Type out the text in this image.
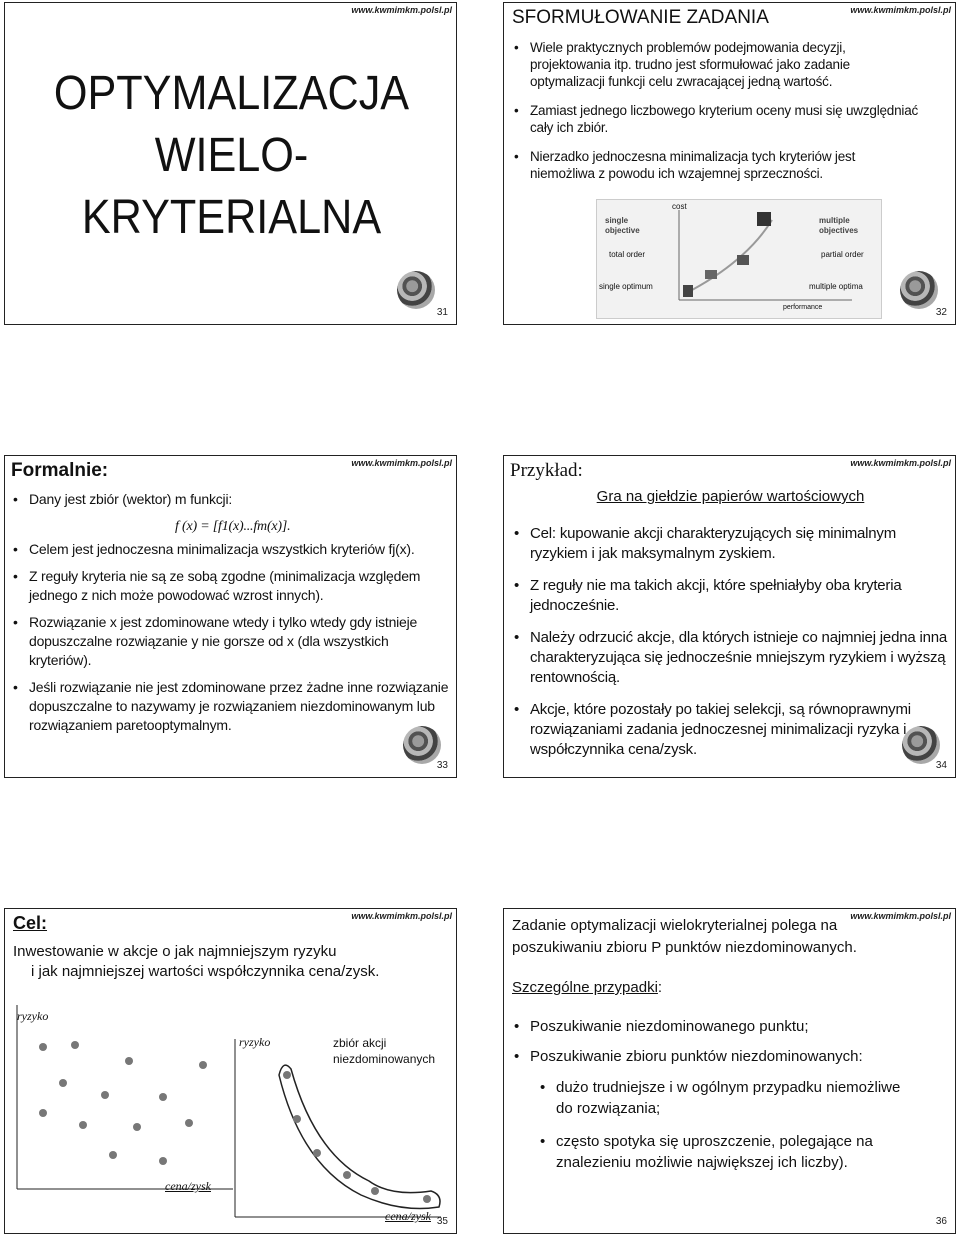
www.kwmimkm.polsl.pl
OPTYMALIZACJA
WIELO-
KRYTERIALNA
31
www.kwmimkm.polsl.pl
SFORMUŁOWANIE ZADANIA
• Wiele praktycznych problemów podejmowania decyzji, projektowania itp. trudno jest sformułować jako zadanie optymalizacji funkcji celu zwracającej jedną wartość.
• Zamiast jednego liczbowego kryterium oceny musi się uwzględniać cały ich zbiór.
• Nierzadko jednoczesna minimalizacja tych kryteriów jest niemożliwa z powodu ich wzajemnej sprzeczności.
cost
single objective
multiple objectives
total order	partial order
single optimum	multiple optima
performance	32
www.kwmimkm.polsl.pl
Formalnie:
• Dany jest zbiór (wektor) m funkcji:
f (x) = [f1(x)...fm(x)].
• Celem jest jednoczesna minimalizacja wszystkich kryteriów fj(x).
• Z reguły kryteria nie są ze sobą zgodne (minimalizacja względem jednego z nich może powodować wzrost innych).
• Rozwiązanie x jest zdominowane wtedy i tylko wtedy gdy istnieje dopuszczalne rozwiązanie y nie gorsze od x (dla wszystkich kryteriów).
• Jeśli rozwiązanie nie jest zdominowane przez żadne inne rozwiązanie dopuszczalne to nazywamy je rozwiązaniem niezdominowanym lub rozwiązaniem paretooptymalnym.
33
www.kwmimkm.polsl.pl
Przykład:
Gra na giełdzie papierów wartościowych
• Cel: kupowanie akcji charakteryzujących się minimalnym ryzykiem i jak maksymalnym zyskiem.
• Z reguły nie ma takich akcji, które spełniałyby oba kryteria jednocześnie.
• Należy odrzucić akcje, dla których istnieje co najmniej jedna inna charakteryzująca się jednocześnie mniejszym ryzykiem i wyższą rentownością.
• Akcje, które pozostały po takiej selekcji, są równoprawnymi rozwiązaniami zadania jednoczesnej minimalizacji ryzyka i współczynnika cena/zysk.
34
www.kwmimkm.polsl.pl
Cel:
Inwestowanie w akcje o jak najmniejszym ryzyku
i jak najmniejszej wartości współczynnika cena/zysk.
ryzyko
cena/zysk
ryzyko	zbiór akcji niezdominowanych
cena/zysk 35
www.kwmimkm.polsl.pl
Zadanie optymalizacji wielokryterialnej polega na poszukiwaniu zbioru P punktów niezdominowanych.
Szczególne przypadki:
• Poszukiwanie niezdominowanego punktu;
• Poszukiwanie zbioru punktów niezdominowanych:
• dużo trudniejsze i w ogólnym przypadku niemożliwe do rozwiązania;
• często spotyka się uproszczenie, polegające na znalezieniu możliwie największej ich liczby).
36
